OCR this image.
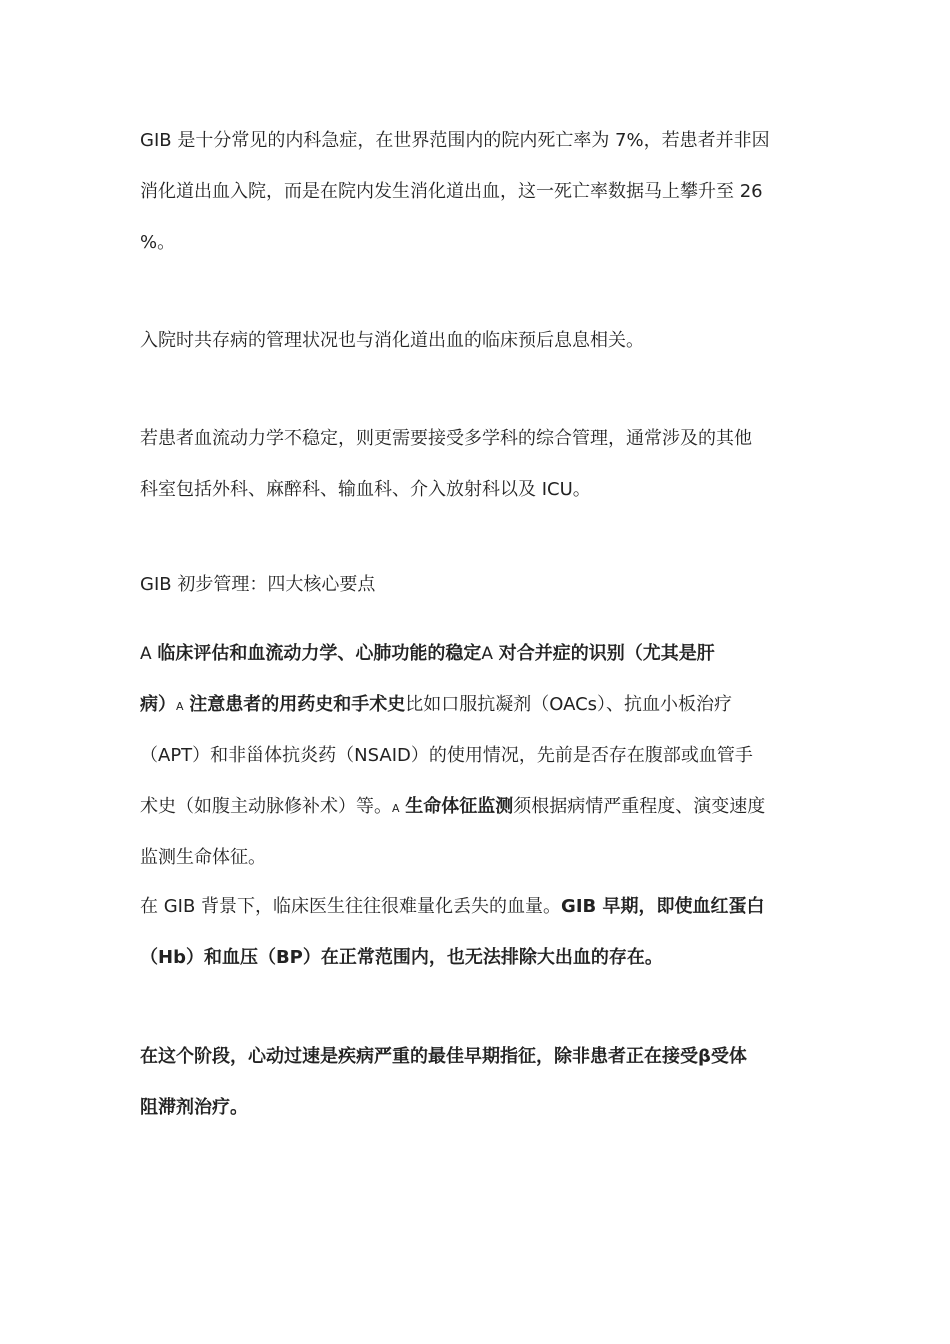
GIB 是十分常见的内科急症，在世界范围内的院内死亡率为 7%，若患者并非因
消化道出血入院，而是在院内发生消化道出血，这一死亡率数据马上攀升至 26
%。

入院时共存病的管理状况也与消化道出血的临床预后息息相关。

若患者血流动力学不稳定，则更需要接受多学科的综合管理，通常涉及的其他
科室包括外科、麻醉科、输血科、介入放射科以及 ICU。

GIB 初步管理：四大核心要点

A 临床评估和血流动力学、心肺功能的稳定A 对合并症的识别（尤其是肝
病）A 注意患者的用药史和手术史比如口服抗凝剂（OACs）、抗血小板治疗
（APT）和非甾体抗炎药（NSAID）的使用情况，先前是否存在腹部或血管手
术史（如腹主动脉修补术）等。A 生命体征监测须根据病情严重程度、演变速度
监测生命体征。

在 GIB 背景下，临床医生往往很难量化丢失的血量。GIB 早期，即使血红蛋白
（Hb）和血压（BP）在正常范围内，也无法排除大出血的存在。

在这个阶段，心动过速是疾病严重的最佳早期指征，除非患者正在接受β受体
阻滞剂治疗。
